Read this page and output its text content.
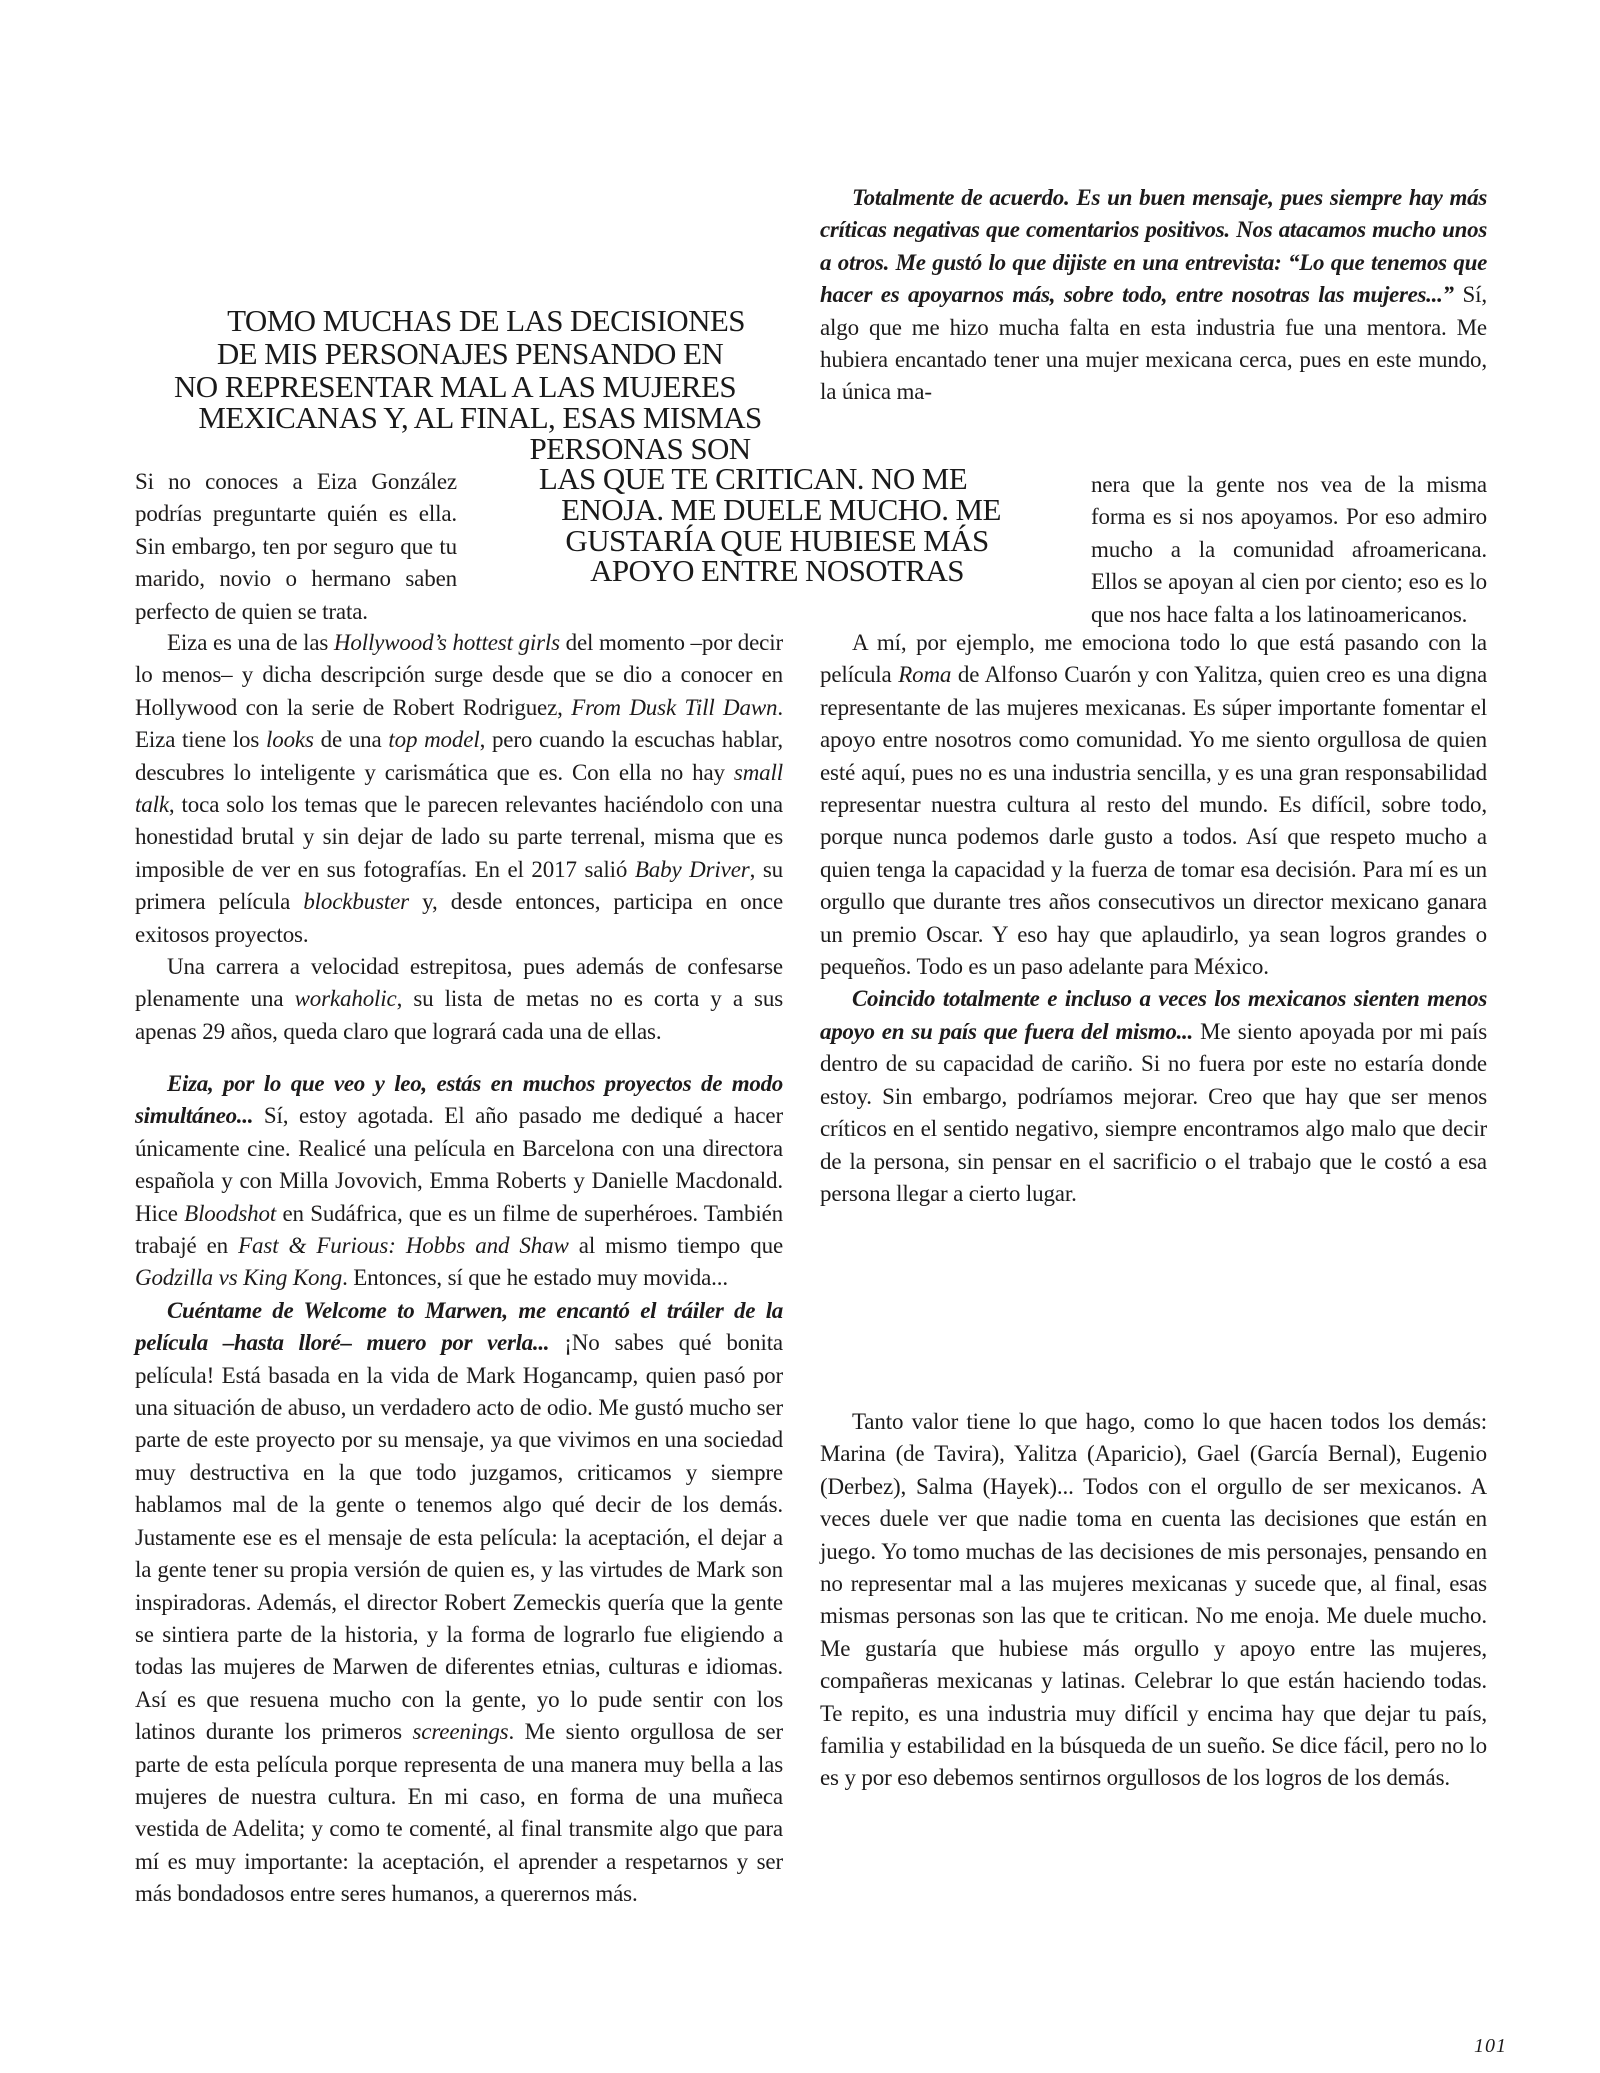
TOMO MUCHAS DE LAS DECISIONES
DE MIS PERSONAJES PENSANDO EN
NO REPRESENTAR MAL A LAS MUJERES
MEXICANAS Y, AL FINAL, ESAS MISMAS
PERSONAS SON
LAS QUE TE CRITICAN. NO ME
ENOJA. ME DUELE MUCHO. ME
GUSTARÍA QUE HUBIESE MÁS
APOYO ENTRE NOSOTRAS

Si no conoces a Eiza González podrías preguntarte quién es ella. Sin embargo, ten por seguro que tu marido, novio o hermano saben perfecto de quien se trata.

Eiza es una de las Hollywood’s hottest girls del momento –por decir lo menos– y dicha descripción surge desde que se dio a conocer en Hollywood con la serie de Robert Rodriguez, From Dusk Till Dawn. Eiza tiene los looks de una top model, pero cuando la escuchas hablar, descubres lo inteligente y carismática que es. Con ella no hay small talk, toca solo los temas que le parecen relevantes haciéndolo con una honestidad brutal y sin dejar de lado su parte terrenal, misma que es imposible de ver en sus fotografías. En el 2017 salió Baby Driver, su primera película blockbuster y, desde entonces, participa en once exitosos proyectos.

Una carrera a velocidad estrepitosa, pues además de confesarse plenamente una workaholic, su lista de metas no es corta y a sus apenas 29 años, queda claro que logrará cada una de ellas.

Eiza, por lo que veo y leo, estás en muchos proyectos de modo simultáneo... Sí, estoy agotada. El año pasado me dediqué a hacer únicamente cine. Realicé una película en Barcelona con una directora española y con Milla Jovovich, Emma Roberts y Danielle Macdonald. Hice Bloodshot en Sudáfrica, que es un filme de superhéroes. También trabajé en Fast & Furious: Hobbs and Shaw al mismo tiempo que Godzilla vs King Kong. Entonces, sí que he estado muy movida...

Cuéntame de Welcome to Marwen, me encantó el tráiler de la película –hasta lloré– muero por verla... ¡No sabes qué bonita película! Está basada en la vida de Mark Hogancamp, quien pasó por una situación de abuso, un verdadero acto de odio. Me gustó mucho ser parte de este proyecto por su mensaje, ya que vivimos en una sociedad muy destructiva en la que todo juzgamos, criticamos y siempre hablamos mal de la gente o tenemos algo qué decir de los demás. Justamente ese es el mensaje de esta película: la aceptación, el dejar a la gente tener su propia versión de quien es, y las virtudes de Mark son inspiradoras. Además, el director Robert Zemeckis quería que la gente se sintiera parte de la historia, y la forma de lograrlo fue eligiendo a todas las mujeres de Marwen de diferentes etnias, culturas e idiomas. Así es que resuena mucho con la gente, yo lo pude sentir con los latinos durante los primeros screenings. Me siento orgullosa de ser parte de esta película porque representa de una manera muy bella a las mujeres de nuestra cultura. En mi caso, en forma de una muñeca vestida de Adelita; y como te comenté, al final transmite algo que para mí es muy importante: la aceptación, el aprender a respetarnos y ser más bondadosos entre seres humanos, a querernos más.

Totalmente de acuerdo. Es un buen mensaje, pues siempre hay más críticas negativas que comentarios positivos. Nos atacamos mucho unos a otros. Me gustó lo que dijiste en una entrevista: “Lo que tenemos que hacer es apoyarnos más, sobre todo, entre nosotras las mujeres...” Sí, algo que me hizo mucha falta en esta industria fue una mentora. Me hubiera encantado tener una mujer mexicana cerca, pues en este mundo, la única ma-

nera que la gente nos vea de la misma forma es si nos apoyamos. Por eso admiro mucho a la comunidad afroamericana. Ellos se apoyan al cien por ciento; eso es lo que nos hace falta a los latinoamericanos.

A mí, por ejemplo, me emociona todo lo que está pasando con la película Roma de Alfonso Cuarón y con Yalitza, quien creo es una digna representante de las mujeres mexicanas. Es súper importante fomentar el apoyo entre nosotros como comunidad. Yo me siento orgullosa de quien esté aquí, pues no es una industria sencilla, y es una gran responsabilidad representar nuestra cultura al resto del mundo. Es difícil, sobre todo, porque nunca podemos darle gusto a todos. Así que respeto mucho a quien tenga la capacidad y la fuerza de tomar esa decisión. Para mí es un orgullo que durante tres años consecutivos un director mexicano ganara un premio Oscar. Y eso hay que aplaudirlo, ya sean logros grandes o pequeños. Todo es un paso adelante para México.

Coincido totalmente e incluso a veces los mexicanos sienten menos apoyo en su país que fuera del mismo... Me siento apoyada por mi país dentro de su capacidad de cariño. Si no fuera por este no estaría donde estoy. Sin embargo, podríamos mejorar. Creo que hay que ser menos críticos en el sentido negativo, siempre encontramos algo malo que decir de la persona, sin pensar en el sacrificio o el trabajo que le costó a esa persona llegar a cierto lugar.

Tanto valor tiene lo que hago, como lo que hacen todos los demás: Marina (de Tavira), Yalitza (Aparicio), Gael (García Bernal), Eugenio (Derbez), Salma (Hayek)... Todos con el orgullo de ser mexicanos. A veces duele ver que nadie toma en cuenta las decisiones que están en juego. Yo tomo muchas de las decisiones de mis personajes, pensando en no representar mal a las mujeres mexicanas y sucede que, al final, esas mismas personas son las que te critican. No me enoja. Me duele mucho. Me gustaría que hubiese más orgullo y apoyo entre las mujeres, compañeras mexicanas y latinas. Celebrar lo que están haciendo todas. Te repito, es una industria muy difícil y encima hay que dejar tu país, familia y estabilidad en la búsqueda de un sueño. Se dice fácil, pero no lo es y por eso debemos sentirnos orgullosos de los logros de los demás.

101
